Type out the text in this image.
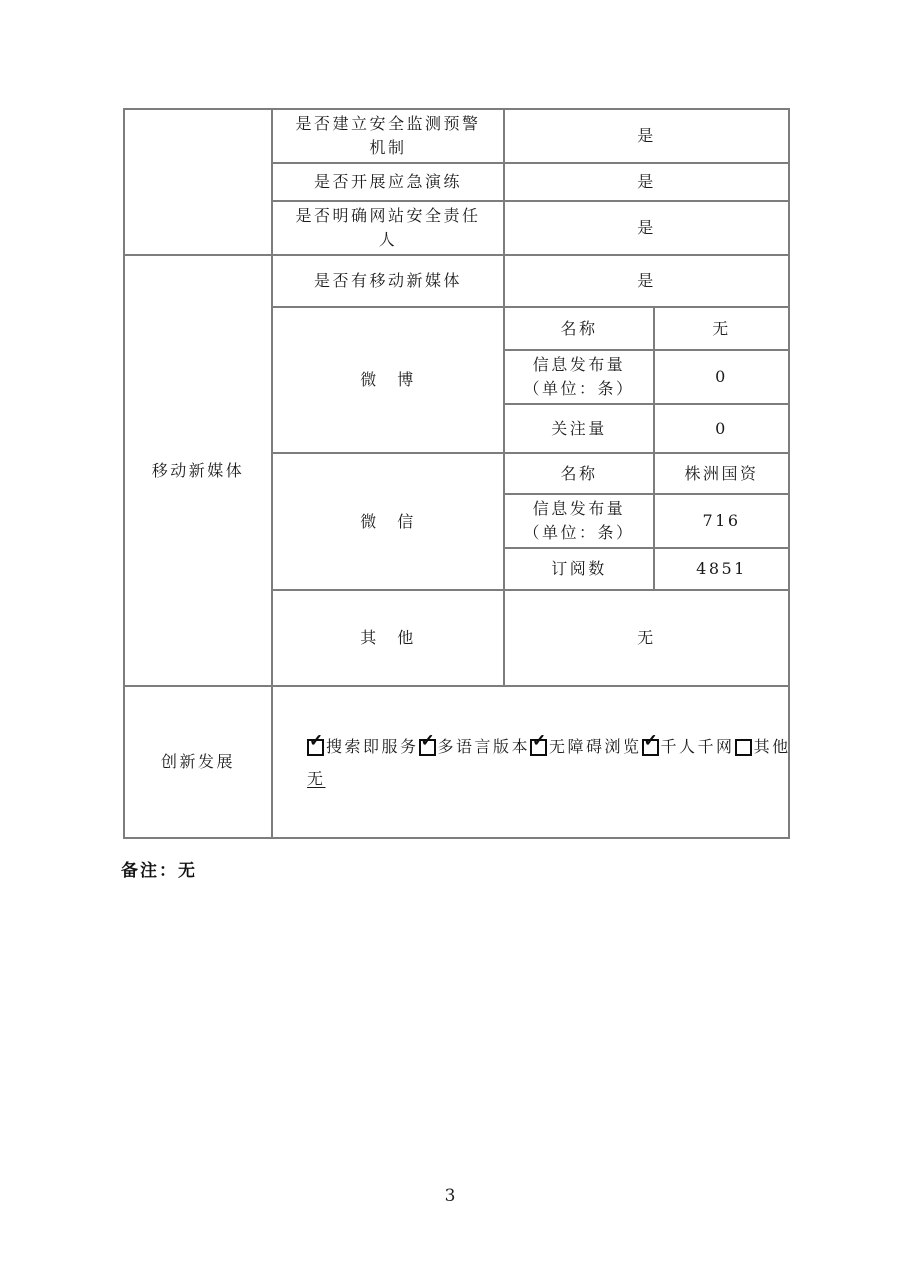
	是否建立安全监测预警
机制	是	

	是否开展应急演练	是	

	是否明确网站安全责任人	是	
移动新媒体	是否有移动新媒体	是	
	微　博	名称	无

		信息发布量
（单位：条）	0

		关注量	0
	微　信	名称	株洲国资

		信息发布量
（单位：条）	716

		订阅数	4851
	其　他	无	
创新发展	
✓ 搜索即服务 ✓ 多语言版本 ✓ 无障碍浏览 ✓ 千人千网 其他
无
备注：无
3
